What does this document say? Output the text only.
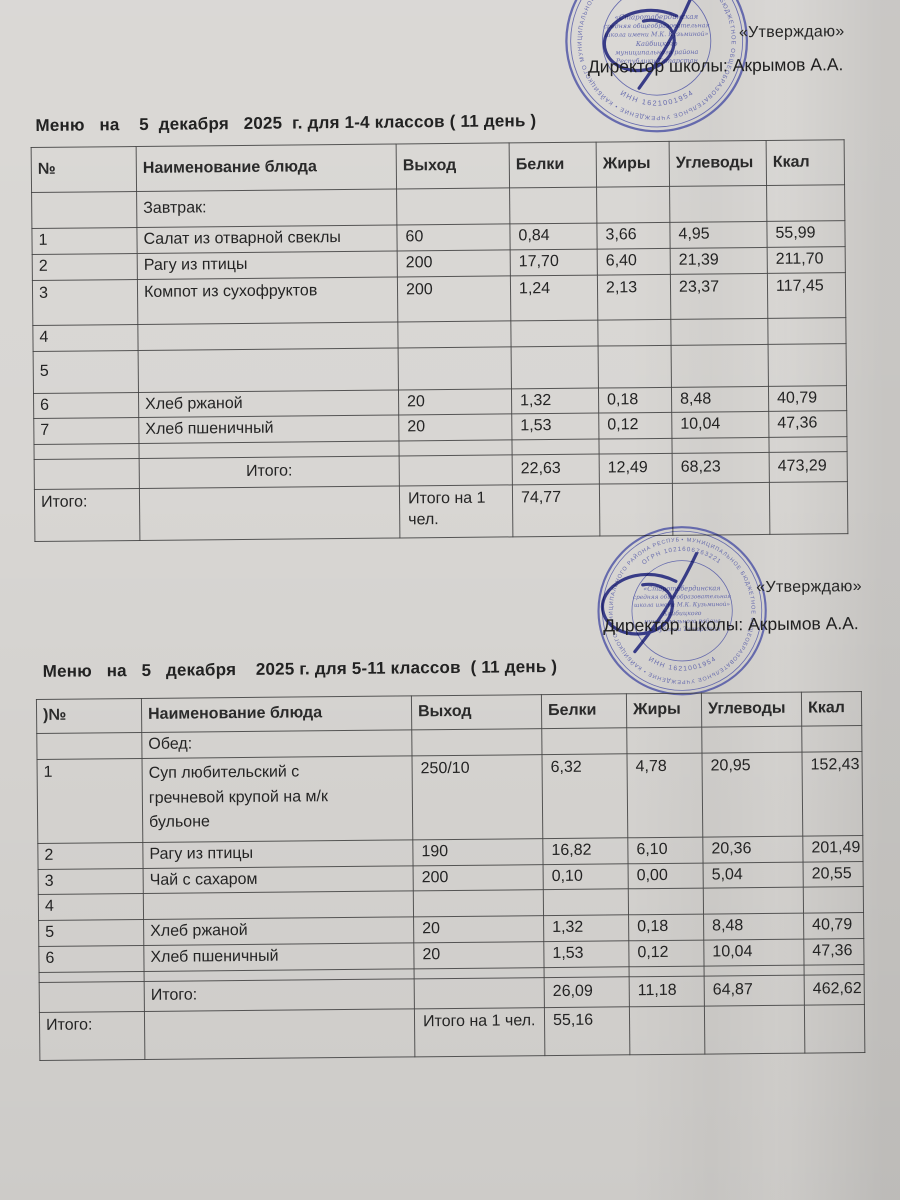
«Утверждаю»
Директор школы: Акрымов А.А.
Меню   на    5  декабря   2025  г. для 1-4 классов ( 11 день )
№	Наименование блюда	Выход	Белки	Жиры	Углеводы	Ккал
	Завтрак:					
1	Салат из отварной свеклы	60	0,84	3,66	4,95	55,99
2	Рагу из птицы	200	17,70	6,40	21,39	211,70
3	Компот из сухофруктов	200	1,24	2,13	23,37	117,45
4						
5						
6	Хлеб ржаной	20	1,32	0,18	8,48	40,79
7	Хлеб пшеничный	20	1,53	0,12	10,04	47,36

	Итого:		22,63	12,49	68,23	473,29
Итого:		Итого на 1 чел.	74,77			
«Утверждаю»
Директор школы: Акрымов А.А.
Меню   на   5   декабря    2025 г. для 5-11 классов  ( 11 день )
)№	Наименование блюда	Выход	Белки	Жиры	Углеводы	Ккал
	Обед:					
1	Суп любительский с гречневой крупой на м/к бульоне	250/10	6,32	4,78	20,95	152,43
2	Рагу из птицы	190	16,82	6,10	20,36	201,49
3	Чай с сахаром	200	0,10	0,00	5,04	20,55
4						
5	Хлеб ржаной	20	1,32	0,18	8,48	40,79
6	Хлеб пшеничный	20	1,53	0,12	10,04	47,36

	Итого:		26,09	11,18	64,87	462,62
Итого:		Итого на 1 чел.	55,16			
